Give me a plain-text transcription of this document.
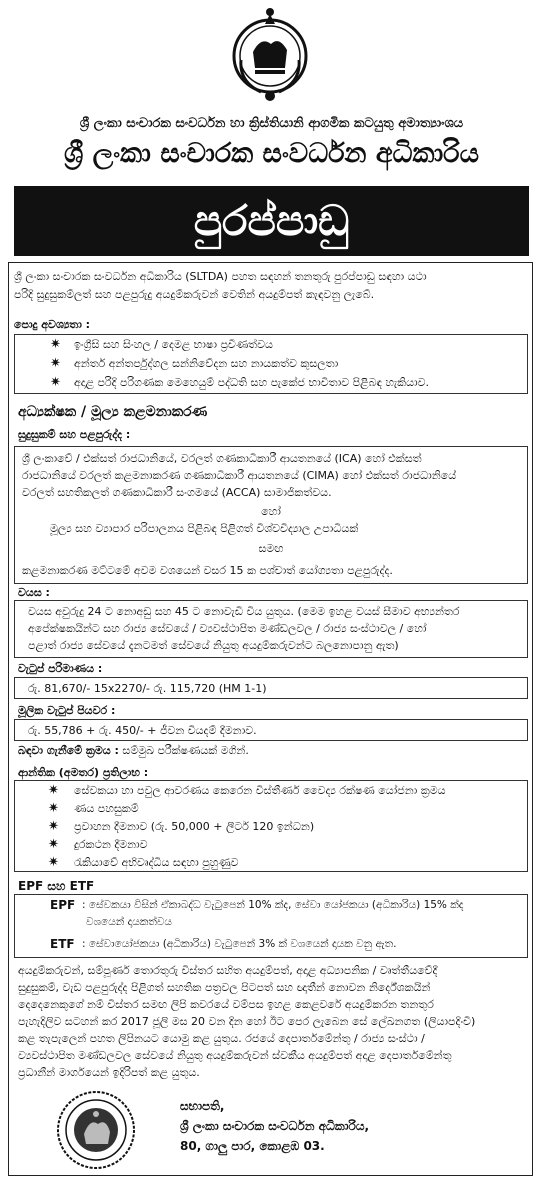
ශ්‍රී ලංකා සංචාරක සංවර්ධන හා ක්‍රිස්තියානි ආගමික කටයුතු අමාත්‍යාංශය
ශ්‍රී ලංකා සංචාරක සංවර්ධන අධිකාරිය
පුරප්පාඩු
ශ්‍රී ලංකා සංචාරක සංවර්ධන අධිකාරිය (SLTDA) පහත සඳහන් තනතුරු පුරප්පාඩු සඳහා යථා
පරිදි සුදුසුකම්ලත් සහ පළපුරුදු අයදුම්කරුවන් වෙතින් අයදුම්පත් කැඳවනු ලැබේ.
පොදු අවශ්‍යතා :
✷ ඉංග්‍රීසි සහ සිංහල / දෙමළ භාෂා ප්‍රවීණත්වය
✷ අන්තර් අන්තර්පුද්ගල සන්නිවේදන සහ නායකත්ව කුසලතා
✷ අදාළ පරිදි පරිගණක මෙහෙයුම් පද්ධති සහ පැකේජ භාවිතාව පිළිබඳ හැකියාව.
අධ්‍යක්ෂක / මූල්‍ය කළමනාකරණ
සුදුසුකම් සහ පළපුරුද්ද :
ශ්‍රී ලංකාවේ / එක්සත් රාජධානියේ, වරලත් ගණකාධිකාරී ආයතනයේ (ICA) හෝ එක්සත්
රාජධානියේ වරලත් කළමනාකරණ ගණකාධිකාරී ආයතනයේ (CIMA) හෝ එක්සත් රාජධානියේ
වරලත් සහතිකලත් ගණකාධිකාරී සංගමයේ (ACCA) සාමාජිකත්වය.
හෝ
මූල්‍ය සහ ව්‍යාපාර පරිපාලනය පිළිබඳ පිළිගත් විශ්වවිද්‍යාල උපාධියක්
සමඟ
කළමනාකරණ මට්ටමේ අවම වශයෙන් වසර 15 ක පශ්චාත් යෝග්‍යතා පළපුරුද්ද.
වයස :
වයස අවුරුදු 24 ට නොඅඩු සහ 45 ට නොවැඩි විය යුතුය. (මෙම ඉහළ වයස් සීමාව අභ්‍යන්තර
අපේක්ෂකයින්ට සහ රාජ්‍ය සේවයේ / ව්‍යවස්ථාපිත මණ්ඩලවල / රාජ්‍ය සංස්ථාවල / හෝ
පළාත් රාජ්‍ය සේවයේ දැනටමත් සේවයේ නියුතු අයදුම්කරුවන්ට බලනොපානු ඇත)
වැටුප් පරිමාණය :
රු. 81,670/- 15x2270/- රු. 115,720 (HM 1-1)
මූලික වැටුප් පියවර :
රු. 55,786 + රු. 450/- + ජීවන වියදම් දීමනාව.
බඳවා ගැනීමේ ක්‍රමය : සම්මුඛ පරීක්ෂණයක් මගින්.
ආන්තික (අමතර) ප්‍රතිලාභ :
✷ සේවකයා හා පවුල ආවරණය කෙරෙන විස්තීර්ණ වෛද්‍ය රක්ෂණ යෝජනා ක්‍රමය
✷ ණය පහසුකම්
✷ ප්‍රවාහන දීමනාව (රු. 50,000 + ලීටර් 120 ඉන්ධන)
✷ දුරකථන දීමනාව
✷ රැකියාවේ අභිවෘද්ධිය සඳහා පුහුණුව
EPF සහ ETF
EPF : සේවකයා විසින් ඒකාබද්ධ වැටුපෙන් 10% ක්ද, සේවා යෝජකයා (අධිකාරිය) 15% ක්ද
වශයෙන් දායකත්වය
ETF : සේවායෝජකයා (අධිකාරිය) වැටුපෙන් 3% ක් වශයෙන් දායක වනු ඇත.
අයදුම්කරුවන්, සම්පූර්ණ තොරතුරු විස්තර සහිත අයදුම්පත්, අදාළ අධ්‍යාපනික / වෘත්තීයවේදී
සුදුසුකම්, වැඩ පළපුරුද්ද පිළිගත් සහතික පත්‍රවල පිටපත් සහ ඥාතීන් නොවන නිර්දේශකයින්
දෙදෙනෙකුගේ නම් විස්තර සමඟ ලිපි කවරයේ වම්පස ඉහළ කෙළවරේ අයදුම්කරන තනතුර
පැහැදිලිව සටහන් කර 2017 ජූලි මස 20 වන දින හෝ ඊට පෙර ලැබෙන සේ ලේඛනගත (ලියාපදිංචි)
කළ තැපැලෙන් පහත ලිපිනයට යොමු කළ යුතුය. රජයේ දෙපාර්තමේන්තු / රාජ්‍ය සංස්ථා /
ව්‍යවස්ථාපිත මණ්ඩලවල සේවයේ නියුතු අයදුම්කරුවන් ස්වකීය අයදුම්පත් අදාළ දෙපාර්තමේන්තු
ප්‍රධානීන් මාර්ගයෙන් ඉදිරිපත් කළ යුතුය.
සභාපති,
ශ්‍රී ලංකා සංචාරක සංවර්ධන අධිකාරිය,
80, ගාලු පාර, කොළඹ 03.
